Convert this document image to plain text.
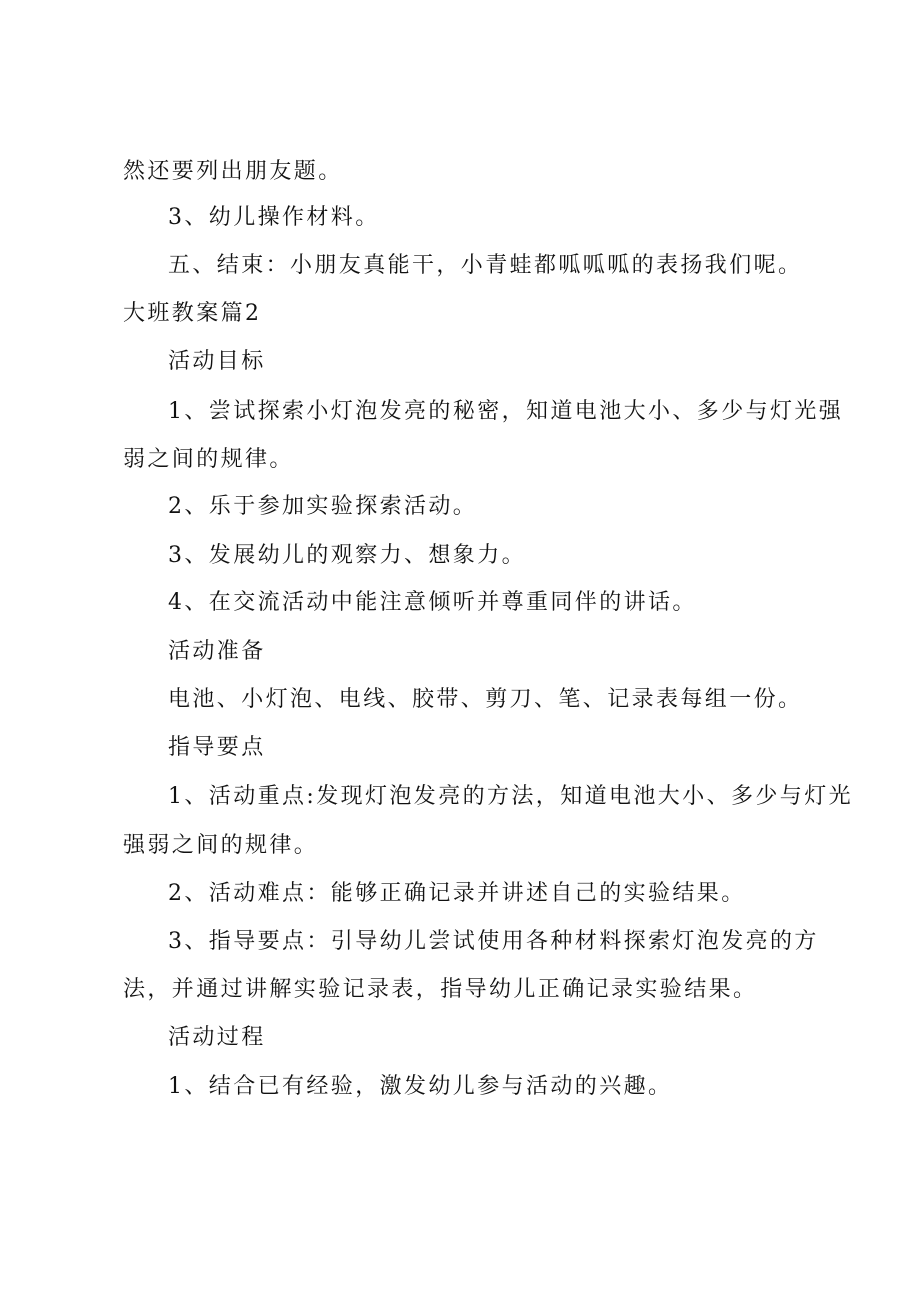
然还要列出朋友题。
3、幼儿操作材料。
五、结束：小朋友真能干，小青蛙都呱呱呱的表扬我们呢。
大班教案篇2
活动目标
1、尝试探索小灯泡发亮的秘密，知道电池大小、多少与灯光强
弱之间的规律。
2、乐于参加实验探索活动。
3、发展幼儿的观察力、想象力。
4、在交流活动中能注意倾听并尊重同伴的讲话。
活动准备
电池、小灯泡、电线、胶带、剪刀、笔、记录表每组一份。
指导要点
1、活动重点:发现灯泡发亮的方法，知道电池大小、多少与灯光
强弱之间的规律。
2、活动难点：能够正确记录并讲述自己的实验结果。
3、指导要点：引导幼儿尝试使用各种材料探索灯泡发亮的方
法，并通过讲解实验记录表，指导幼儿正确记录实验结果。
活动过程
1、结合已有经验，激发幼儿参与活动的兴趣。
